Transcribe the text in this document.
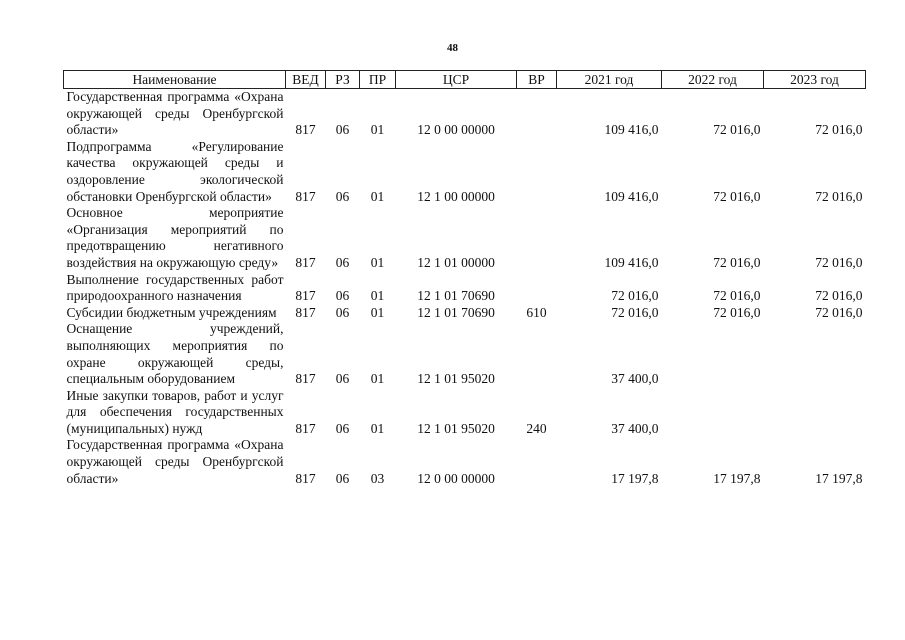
48
Наименование	ВЕД	РЗ	ПР	ЦСР	ВР	2021 год	2022 год	2023 год
Государственная программа «Охрана окружающей среды Оренбургской области»	817	06	01	12 0 00 00000		109 416,0	72 016,0	72 016,0
Подпрограмма «Регулирование качества окружающей среды и оздоровление экологической обстановки Оренбургской области»	817	06	01	12 1 00 00000		109 416,0	72 016,0	72 016,0
Основное мероприятие «Организация мероприятий по предотвращению негативного воздействия на окружающую среду»	817	06	01	12 1 01 00000		109 416,0	72 016,0	72 016,0
Выполнение государственных работ природоохранного назначения	817	06	01	12 1 01 70690		72 016,0	72 016,0	72 016,0
Субсидии бюджетным учреждениям	817	06	01	12 1 01 70690	610	72 016,0	72 016,0	72 016,0
Оснащение учреждений, выполняющих мероприятия по охране окружающей среды, специальным оборудованием	817	06	01	12 1 01 95020		37 400,0		
Иные закупки товаров, работ и услуг для обеспечения государственных (муниципальных) нужд	817	06	01	12 1 01 95020	240	37 400,0		
Государственная программа «Охрана окружающей среды Оренбургской области»	817	06	03	12 0 00 00000		17 197,8	17 197,8	17 197,8
